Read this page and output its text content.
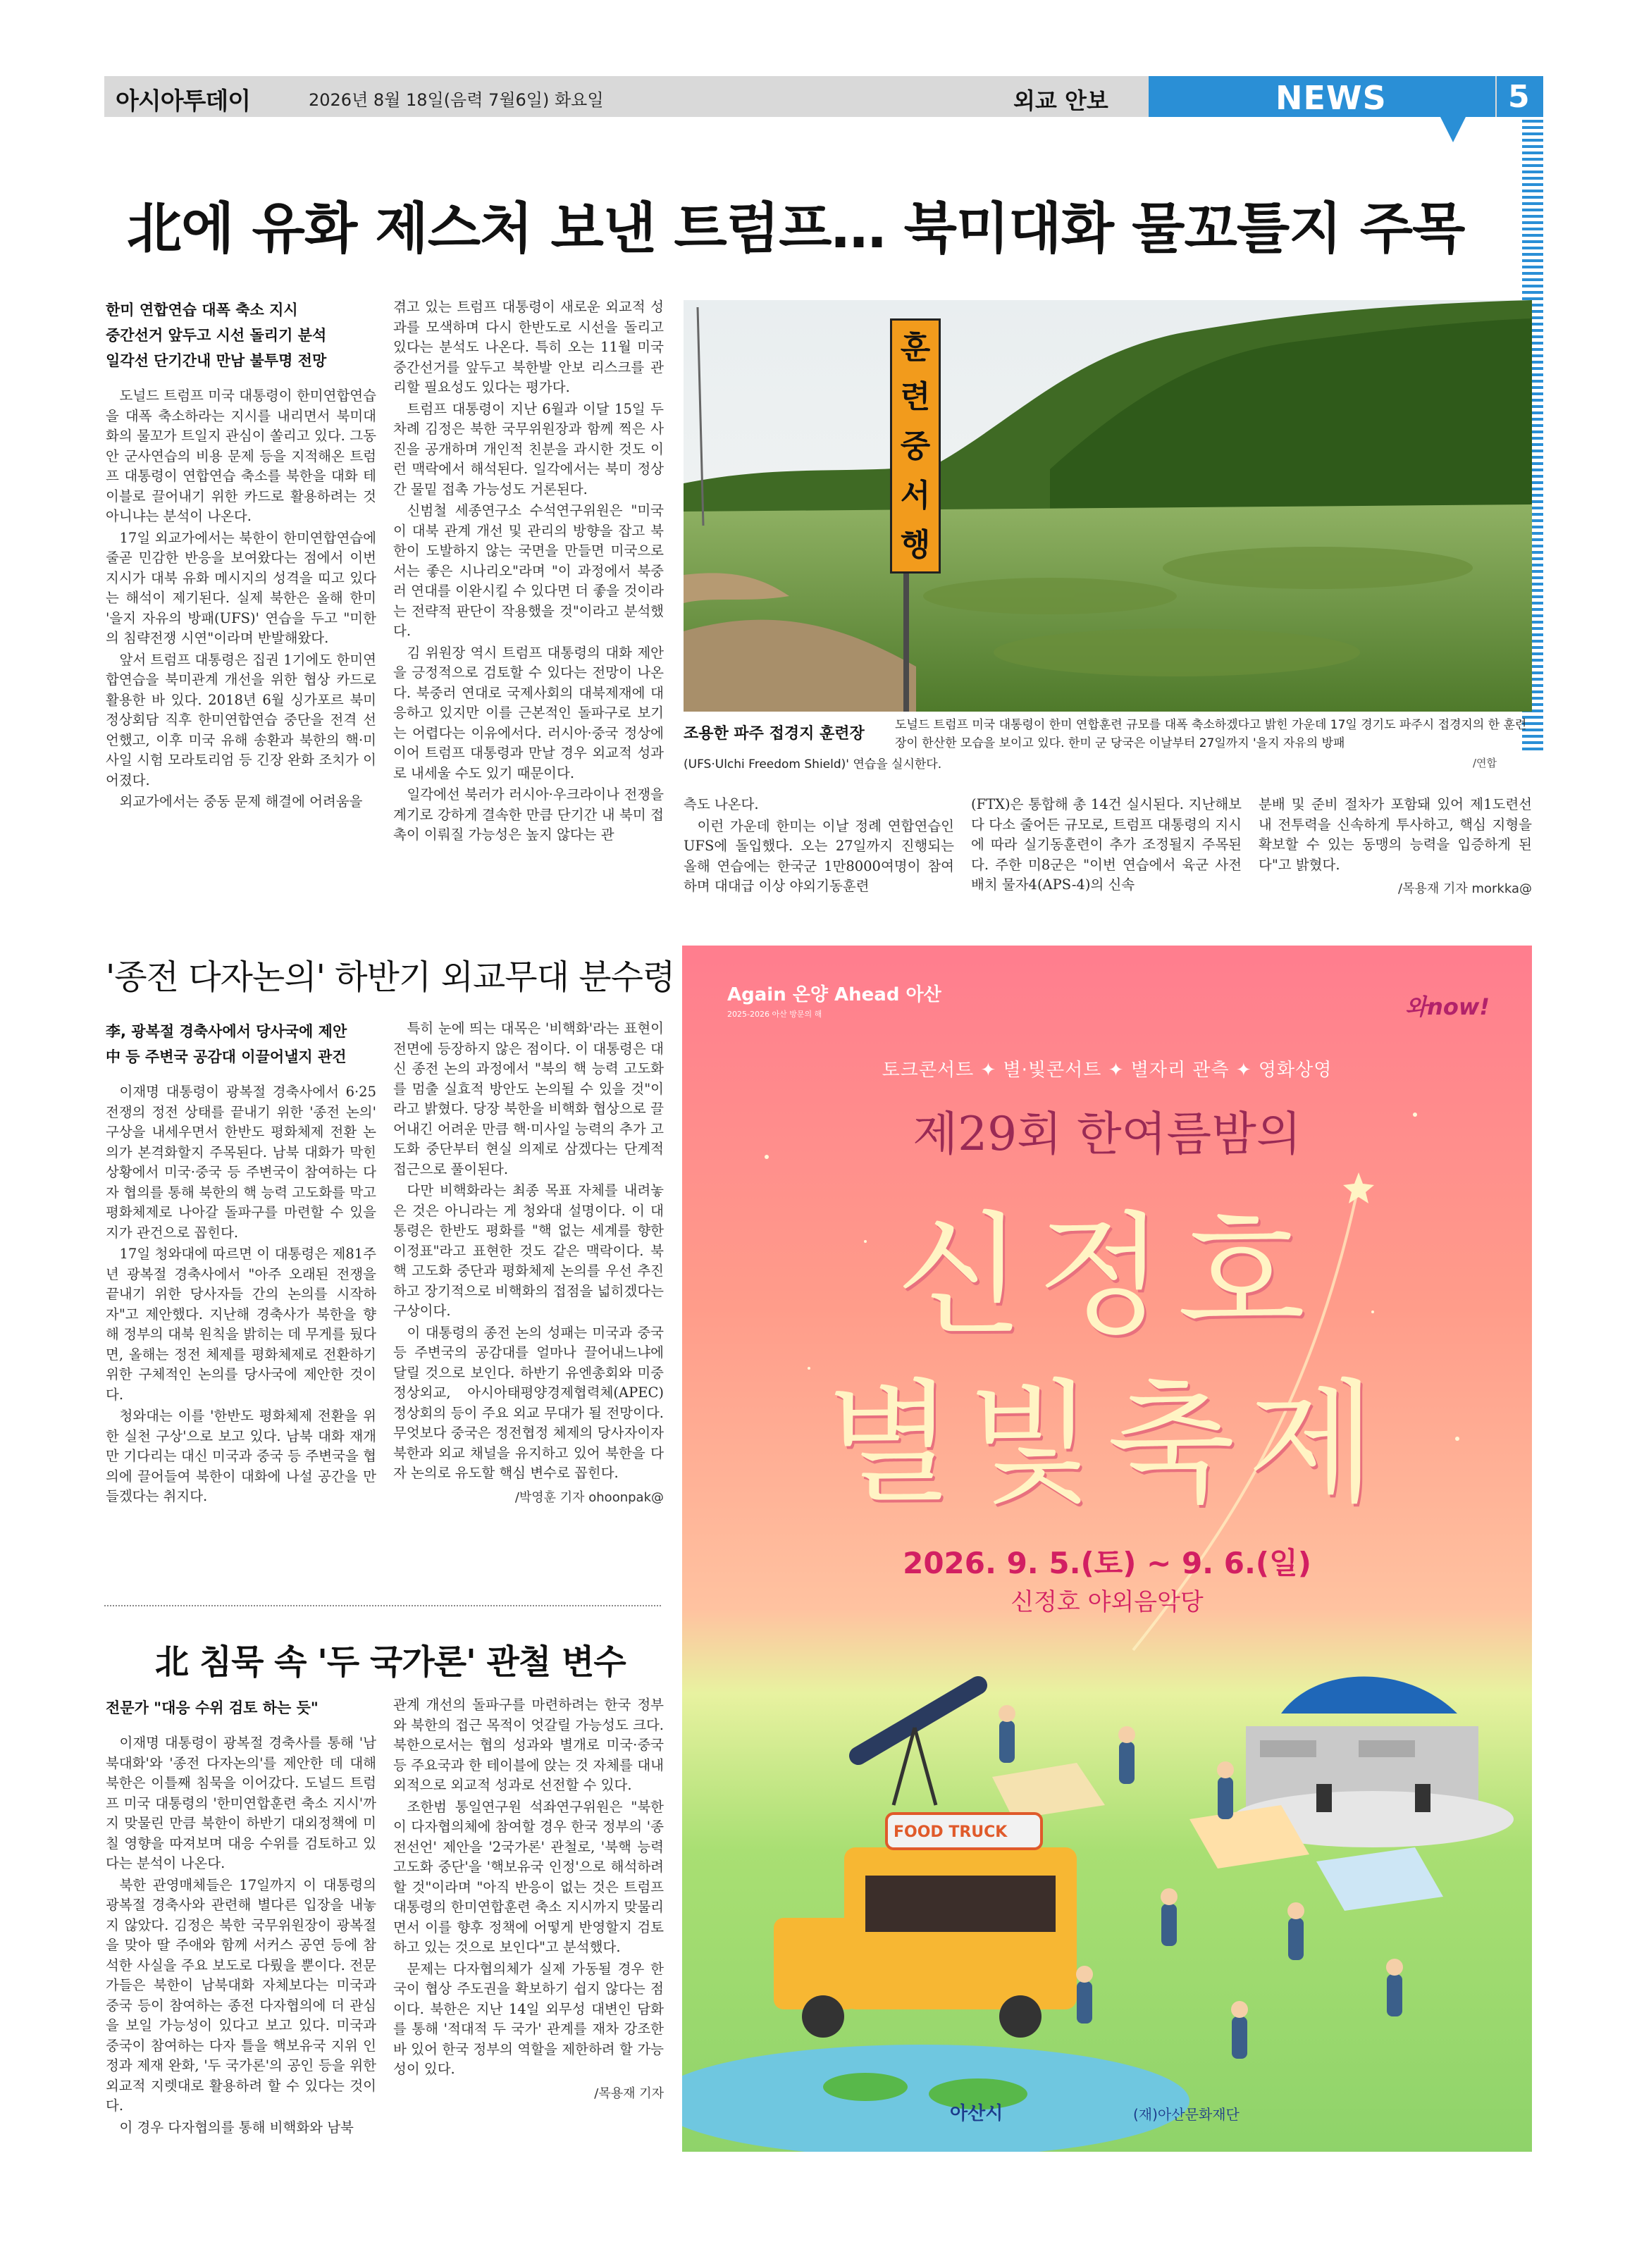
아시아투데이	2026년 8월 18일(음력 7월6일) 화요일	외교 안보	NEWS	5
北에 유화 제스처 보낸 트럼프… 북미대화 물꼬틀지 주목
한미 연합연습 대폭 축소 지시
중간선거 앞두고 시선 돌리기 분석
일각선 단기간내 만남 불투명 전망

도널드 트럼프 미국 대통령이 한미연합연습을 대폭 축소하라는 지시를 내리면서 북미대화의 물꼬가 트일지 관심이 쏠리고 있다. 그동안 군사연습의 비용 문제 등을 지적해온 트럼프 대통령이 연합연습 축소를 북한을 대화 테이블로 끌어내기 위한 카드로 활용하려는 것아니냐는 분석이 나온다.

17일 외교가에서는 북한이 한미연합연습에 줄곧 민감한 반응을 보여왔다는 점에서 이번 지시가 대북 유화 메시지의 성격을 띠고 있다는 해석이 제기된다. 실제 북한은 올해 한미 '을지 자유의 방패(UFS)' 연습을 두고 "미한의 침략전쟁 시연"이라며 반발해왔다.

앞서 트럼프 대통령은 집권 1기에도 한미연합연습을 북미관계 개선을 위한 협상 카드로 활용한 바 있다. 2018년 6월 싱가포르 북미정상회담 직후 한미연합연습 중단을 전격 선언했고, 이후 미국 유해 송환과 북한의 핵·미사일 시험 모라토리엄 등 긴장 완화 조치가 이어졌다.

외교가에서는 중동 문제 해결에 어려움을

겪고 있는 트럼프 대통령이 새로운 외교적 성과를 모색하며 다시 한반도로 시선을 돌리고 있다는 분석도 나온다. 특히 오는 11월 미국 중간선거를 앞두고 북한발 안보 리스크를 관리할 필요성도 있다는 평가다.

트럼프 대통령이 지난 6월과 이달 15일 두 차례 김정은 북한 국무위원장과 함께 찍은 사진을 공개하며 개인적 친분을 과시한 것도 이런 맥락에서 해석된다. 일각에서는 북미 정상 간 물밑 접촉 가능성도 거론된다.

신범철 세종연구소 수석연구위원은 "미국이 대북 관계 개선 및 관리의 방향을 잡고 북한이 도발하지 않는 국면을 만들면 미국으로서는 좋은 시나리오"라며 "이 과정에서 북중러 연대를 이완시킬 수 있다면 더 좋을 것이라는 전략적 판단이 작용했을 것"이라고 분석했다.

김 위원장 역시 트럼프 대통령의 대화 제안을 긍정적으로 검토할 수 있다는 전망이 나온다. 북중러 연대로 국제사회의 대북제재에 대응하고 있지만 이를 근본적인 돌파구로 보기는 어렵다는 이유에서다. 러시아·중국 정상에 이어 트럼프 대통령과 만날 경우 외교적 성과로 내세울 수도 있기 때문이다.

일각에선 북러가 러시아·우크라이나 전쟁을 계기로 강하게 결속한 만큼 단기간 내 북미 접촉이 이뤄질 가능성은 높지 않다는 관

훈
련
중
서
행
조용한 파주 접경지 훈련장	도널드 트럼프 미국 대통령이 한미 연합훈련 규모를 대폭 축소하겠다고 밝힌 가운데 17일 경기도 파주시 접경지의 한 훈련장이 한산한 모습을 보이고 있다. 한미 군 당국은 이날부터 27일까지 '을지 자유의 방패
(UFS·Ulchi Freedom Shield)' 연습을 실시한다.	/연합

측도 나온다.

이런 가운데 한미는 이날 정례 연합연습인 UFS에 돌입했다. 오는 27일까지 진행되는 올해 연습에는 한국군 1만8000여명이 참여하며 대대급 이상 야외기동훈련

(FTX)은 통합해 총 14건 실시된다. 지난해보다 다소 줄어든 규모로, 트럼프 대통령의 지시에 따라 실기동훈련이 추가 조정될지 주목된다. 주한 미8군은 "이번 연습에서 육군 사전배치 물자4(APS-4)의 신속

분배 및 준비 절차가 포함돼 있어 제1도련선 내 전투력을 신속하게 투사하고, 핵심 지형을 확보할 수 있는 동맹의 능력을 입증하게 된다"고 밝혔다.

/목용재 기자 morkka@
'종전 다자논의' 하반기 외교무대 분수령
李, 광복절 경축사에서 당사국에 제안
中 등 주변국 공감대 이끌어낼지 관건

이재명 대통령이 광복절 경축사에서 6·25 전쟁의 정전 상태를 끝내기 위한 '종전 논의' 구상을 내세우면서 한반도 평화체제 전환 논의가 본격화할지 주목된다. 남북 대화가 막힌 상황에서 미국·중국 등 주변국이 참여하는 다자 협의를 통해 북한의 핵 능력 고도화를 막고 평화체제로 나아갈 돌파구를 마련할 수 있을지가 관건으로 꼽힌다.

17일 청와대에 따르면 이 대통령은 제81주년 광복절 경축사에서 "아주 오래된 전쟁을 끝내기 위한 당사자들 간의 논의를 시작하자"고 제안했다. 지난해 경축사가 북한을 향해 정부의 대북 원칙을 밝히는 데 무게를 뒀다면, 올해는 정전 체제를 평화체제로 전환하기 위한 구체적인 논의를 당사국에 제안한 것이다.

청와대는 이를 '한반도 평화체제 전환을 위한 실천 구상'으로 보고 있다. 남북 대화 재개만 기다리는 대신 미국과 중국 등 주변국을 협의에 끌어들여 북한이 대화에 나설 공간을 만들겠다는 취지다.

특히 눈에 띄는 대목은 '비핵화'라는 표현이 전면에 등장하지 않은 점이다. 이 대통령은 대신 종전 논의 과정에서 "북의 핵 능력 고도화를 멈출 실효적 방안도 논의될 수 있을 것"이라고 밝혔다. 당장 북한을 비핵화 협상으로 끌어내긴 어려운 만큼 핵·미사일 능력의 추가 고도화 중단부터 현실 의제로 삼겠다는 단계적 접근으로 풀이된다.

다만 비핵화라는 최종 목표 자체를 내려놓은 것은 아니라는 게 청와대 설명이다. 이 대통령은 한반도 평화를 "핵 없는 세계를 향한 이정표"라고 표현한 것도 같은 맥락이다. 북핵 고도화 중단과 평화체제 논의를 우선 추진하고 장기적으로 비핵화의 접점을 넓히겠다는 구상이다.

이 대통령의 종전 논의 성패는 미국과 중국 등 주변국의 공감대를 얼마나 끌어내느냐에 달릴 것으로 보인다. 하반기 유엔총회와 미중 정상외교, 아시아태평양경제협력체(APEC) 정상회의 등이 주요 외교 무대가 될 전망이다. 무엇보다 중국은 정전협정 체제의 당사자이자 북한과 외교 채널을 유지하고 있어 북한을 다자 논의로 유도할 핵심 변수로 꼽힌다.

/박영훈 기자 ohoonpak@
北 침묵 속 '두 국가론' 관철 변수
전문가 "대응 수위 검토 하는 듯"

이재명 대통령이 광복절 경축사를 통해 '남북대화'와 '종전 다자논의'를 제안한 데 대해 북한은 이틀째 침묵을 이어갔다. 도널드 트럼프 미국 대통령의 '한미연합훈련 축소 지시'까지 맞물린 만큼 북한이 하반기 대외정책에 미칠 영향을 따져보며 대응 수위를 검토하고 있다는 분석이 나온다.

북한 관영매체들은 17일까지 이 대통령의 광복절 경축사와 관련해 별다른 입장을 내놓지 않았다. 김정은 북한 국무위원장이 광복절을 맞아 딸 주애와 함께 서커스 공연 등에 참석한 사실을 주요 보도로 다뤘을 뿐이다. 전문가들은 북한이 남북대화 자체보다는 미국과 중국 등이 참여하는 종전 다자협의에 더 관심을 보일 가능성이 있다고 보고 있다. 미국과 중국이 참여하는 다자 틀을 핵보유국 지위 인정과 제재 완화, '두 국가론'의 공인 등을 위한 외교적 지렛대로 활용하려 할 수 있다는 것이다.

이 경우 다자협의를 통해 비핵화와 남북

관계 개선의 돌파구를 마련하려는 한국 정부와 북한의 접근 목적이 엇갈릴 가능성도 크다. 북한으로서는 협의 성과와 별개로 미국·중국 등 주요국과 한 테이블에 앉는 것 자체를 대내외적으로 외교적 성과로 선전할 수 있다.

조한범 통일연구원 석좌연구위원은 "북한이 다자협의체에 참여할 경우 한국 정부의 '종전선언' 제안을 '2국가론' 관철로, '북핵 능력 고도화 중단'을 '핵보유국 인정'으로 해석하려 할 것"이라며 "아직 반응이 없는 것은 트럼프 대통령의 한미연합훈련 축소 지시까지 맞물리면서 이를 향후 정책에 어떻게 반영할지 검토하고 있는 것으로 보인다"고 분석했다.

문제는 다자협의체가 실제 가동될 경우 한국이 협상 주도권을 확보하기 쉽지 않다는 점이다. 북한은 지난 14일 외무성 대변인 담화를 통해 '적대적 두 국가' 관계를 재차 강조한 바 있어 한국 정부의 역할을 제한하려 할 가능성이 있다.

/목용재 기자
Again 온양 Ahead 아산
2025-2026 아산 방문의 해	와now!
토크콘서트 ✦ 별·빛콘서트 ✦ 별자리 관측 ✦ 영화상영
제29회 한여름밤의
신정호
별빛축제
2026. 9. 5.(토) ~ 9. 6.(일)
신정호 야외음악당
FOOD TRUCK
아산시	(재)아산문화재단
